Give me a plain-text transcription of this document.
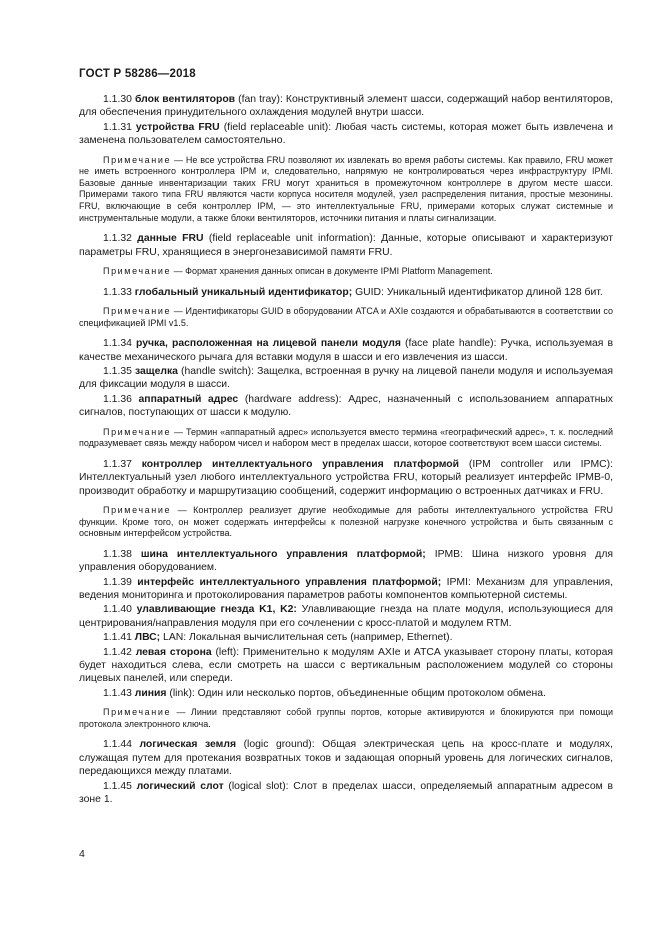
ГОСТ Р 58286—2018

1.1.30 блок вентиляторов (fan tray): Конструктивный элемент шасси, содержащий набор вентиляторов, для обеспечения принудительного охлаждения модулей внутри шасси.

1.1.31 устройства FRU (field replaceable unit): Любая часть системы, которая может быть извлечена и заменена пользователем самостоятельно.

Примечание — Не все устройства FRU позволяют их извлекать во время работы системы. Как правило, FRU может не иметь встроенного контроллера IPM и, следовательно, напрямую не контролироваться через инфраструктуру IPMI. Базовые данные инвентаризации таких FRU могут храниться в промежуточном контроллере в другом месте шасси. Примерами такого типа FRU являются части корпуса носителя модулей, узел распределения питания, простые мезонины. FRU, включающие в себя контроллер IPM, — это интеллектуальные FRU, примерами которых служат системные и инструментальные модули, а также блоки вентиляторов, источники питания и платы сигнализации.

1.1.32 данные FRU (field replaceable unit information): Данные, которые описывают и характеризуют параметры FRU, хранящиеся в энергонезависимой памяти FRU.

Примечание — Формат хранения данных описан в документе IPMI Platform Management.

1.1.33 глобальный уникальный идентификатор; GUID: Уникальный идентификатор длиной 128 бит.

Примечание — Идентификаторы GUID в оборудовании ATCA и AXIe создаются и обрабатываются в соответствии со спецификацией IPMI v1.5.

1.1.34 ручка, расположенная на лицевой панели модуля (face plate handle): Ручка, используемая в качестве механического рычага для вставки модуля в шасси и его извлечения из шасси.

1.1.35 защелка (handle switch): Защелка, встроенная в ручку на лицевой панели модуля и используемая для фиксации модуля в шасси.

1.1.36 аппаратный адрес (hardware address): Адрес, назначенный с использованием аппаратных сигналов, поступающих от шасси к модулю.

Примечание — Термин «аппаратный адрес» используется вместо термина «географический адрес», т. к. последний подразумевает связь между набором чисел и набором мест в пределах шасси, которое соответствуют всем шасси системы.

1.1.37 контроллер интеллектуального управления платформой (IPM controller или IPMC): Интеллектуальный узел любого интеллектуального устройства FRU, который реализует интерфейс IPMB-0, производит обработку и маршрутизацию сообщений, содержит информацию о встроенных датчиках и FRU.

Примечание — Контроллер реализует другие необходимые для работы интеллектуального устройства FRU функции. Кроме того, он может содержать интерфейсы к полезной нагрузке конечного устройства и быть связанным с основным интерфейсом устройства.

1.1.38 шина интеллектуального управления платформой; IPMB: Шина низкого уровня для управления оборудованием.

1.1.39 интерфейс интеллектуального управления платформой; IPMI: Механизм для управления, ведения мониторинга и протоколирования параметров работы компонентов компьютерной системы.

1.1.40 улавливающие гнезда K1, K2: Улавливающие гнезда на плате модуля, использующиеся для центрирования/направления модуля при его сочленении с кросс-платой и модулем RTM.

1.1.41 ЛВС; LAN: Локальная вычислительная сеть (например, Ethernet).

1.1.42 левая сторона (left): Применительно к модулям AXIe и ATCA указывает сторону платы, которая будет находиться слева, если смотреть на шасси с вертикальным расположением модулей со стороны лицевых панелей, или спереди.

1.1.43 линия (link): Один или несколько портов, объединенные общим протоколом обмена.

Примечание — Линии представляют собой группы портов, которые активируются и блокируются при помощи протокола электронного ключа.

1.1.44 логическая земля (logic ground): Общая электрическая цепь на кросс-плате и модулях, служащая путем для протекания возвратных токов и задающая опорный уровень для логических сигналов, передающихся между платами.

1.1.45 логический слот (logical slot): Слот в пределах шасси, определяемый аппаратным адресом в зоне 1.

4
